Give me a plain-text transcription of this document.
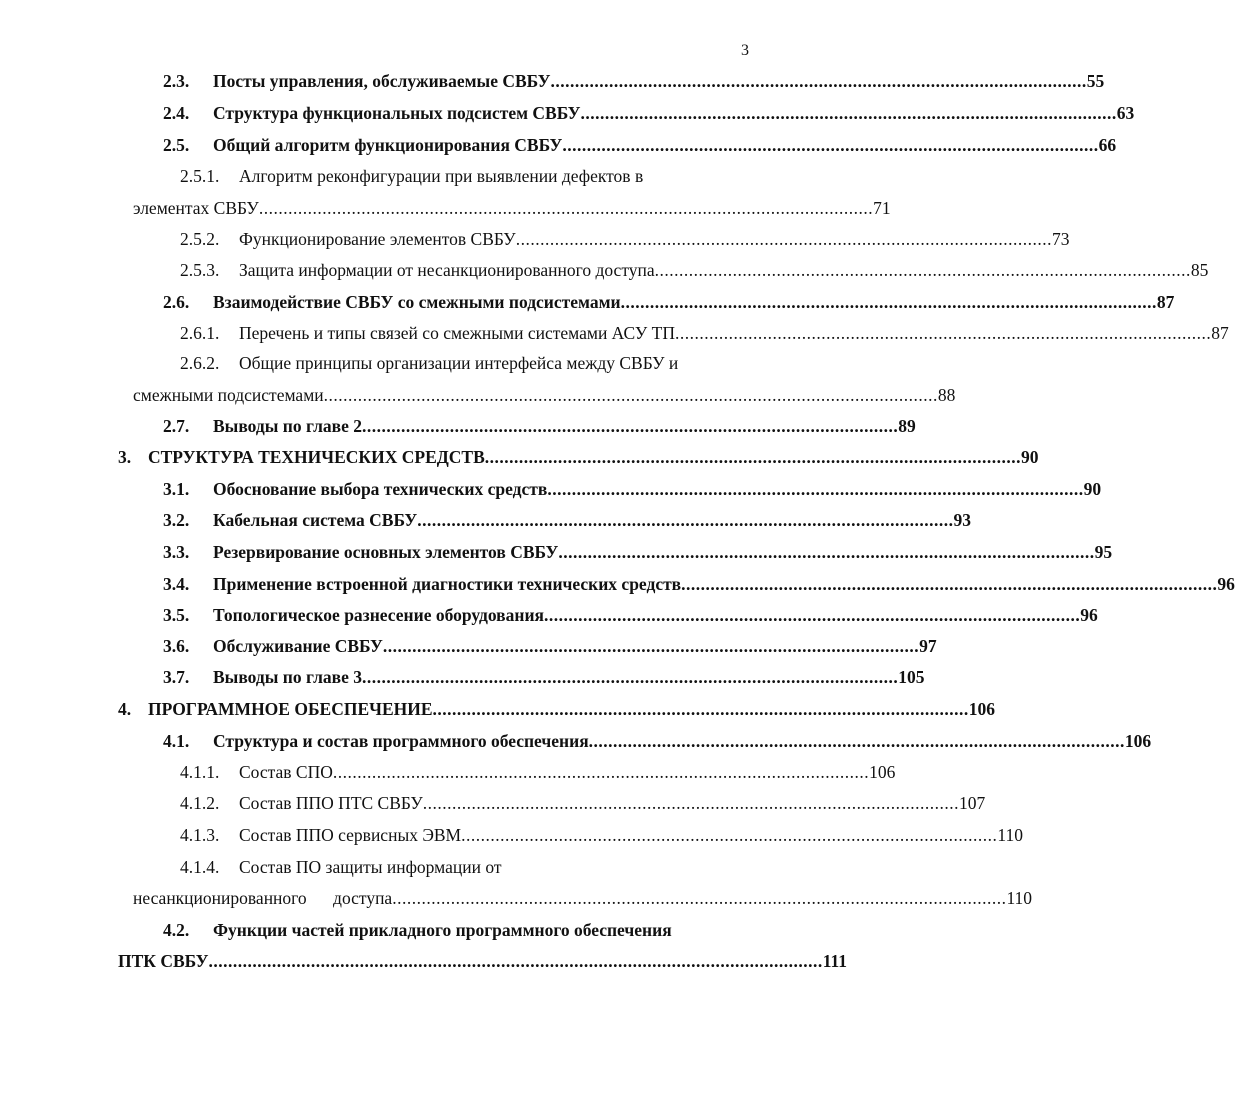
3
2.3. Посты управления, обслуживаемые СВБУ .............................................................................................................. 55
2.4. Структура функциональных подсистем СВБУ .............................................................................................................. 63
2.5. Общий алгоритм функционирования СВБУ .............................................................................................................. 66
2.5.1. Алгоритм реконфигурации при выявлении дефектов в
элементах СВБУ .............................................................................................................................. 71
2.5.2. Функционирование элементов СВБУ .............................................................................................................. 73
2.5.3. Защита информации от несанкционированного доступа .............................................................................................................. 85
2.6. Взаимодействие СВБУ со смежными подсистемами .............................................................................................................. 87
2.6.1. Перечень и типы связей со смежными системами АСУ ТП .............................................................................................................. 87
2.6.2. Общие принципы организации интерфейса между СВБУ и
смежными подсистемами .............................................................................................................................. 88
2.7. Выводы по главе 2 .............................................................................................................. 89
3. СТРУКТУРА ТЕХНИЧЕСКИХ СРЕДСТВ .............................................................................................................. 90
3.1. Обоснование выбора технических средств .............................................................................................................. 90
3.2. Кабельная система СВБУ .............................................................................................................. 93
3.3. Резервирование основных элементов СВБУ .............................................................................................................. 95
3.4. Применение встроенной диагностики технических средств .............................................................................................................. 96
3.5. Топологическое разнесение оборудования .............................................................................................................. 96
3.6. Обслуживание СВБУ .............................................................................................................. 97
3.7. Выводы по главе 3 .............................................................................................................. 105
4. ПРОГРАММНОЕ ОБЕСПЕЧЕНИЕ .............................................................................................................. 106
4.1. Структура и состав программного обеспечения .............................................................................................................. 106
4.1.1. Состав СПО .............................................................................................................. 106
4.1.2. Состав ППО ПТС СВБУ .............................................................................................................. 107
4.1.3. Состав ППО сервисных ЭВМ .............................................................................................................. 110
4.1.4. Состав ПО защиты информации от
несанкционированного доступа .............................................................................................................................. 110
4.2. Функции частей прикладного программного обеспечения
ПТК СВБУ .............................................................................................................................. 111
